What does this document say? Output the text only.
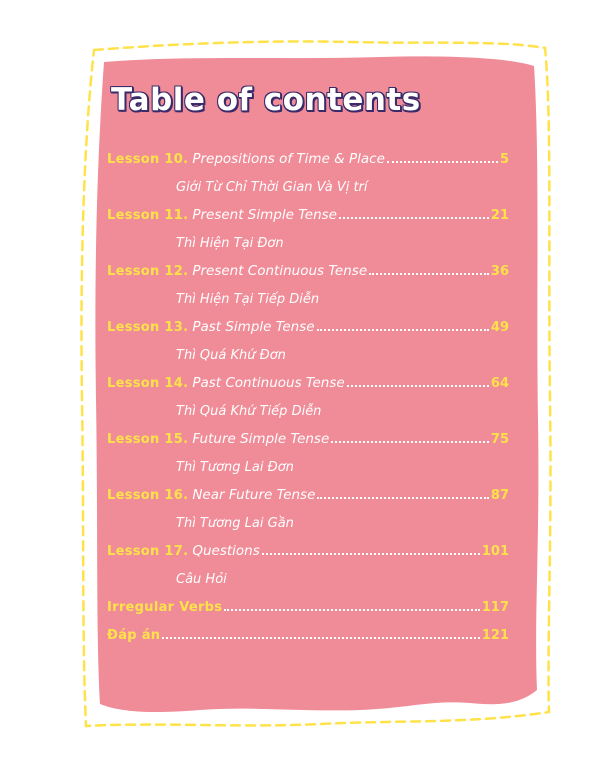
Table of contents
Lesson 10. Prepositions of Time & Place	5
Giới Từ Chỉ Thời Gian Và Vị trí
Lesson 11. Present Simple Tense	21
Thì Hiện Tại Đơn
Lesson 12. Present Continuous Tense	36
Thì Hiện Tại Tiếp Diễn
Lesson 13. Past Simple Tense	49
Thì Quá Khứ Đơn
Lesson 14. Past Continuous Tense	64
Thì Quá Khứ Tiếp Diễn
Lesson 15. Future Simple Tense	75
Thì Tương Lai Đơn
Lesson 16. Near Future Tense	87
Thì Tương Lai Gần
Lesson 17. Questions	101
Câu Hỏi
Irregular Verbs	117
Đáp án	121
